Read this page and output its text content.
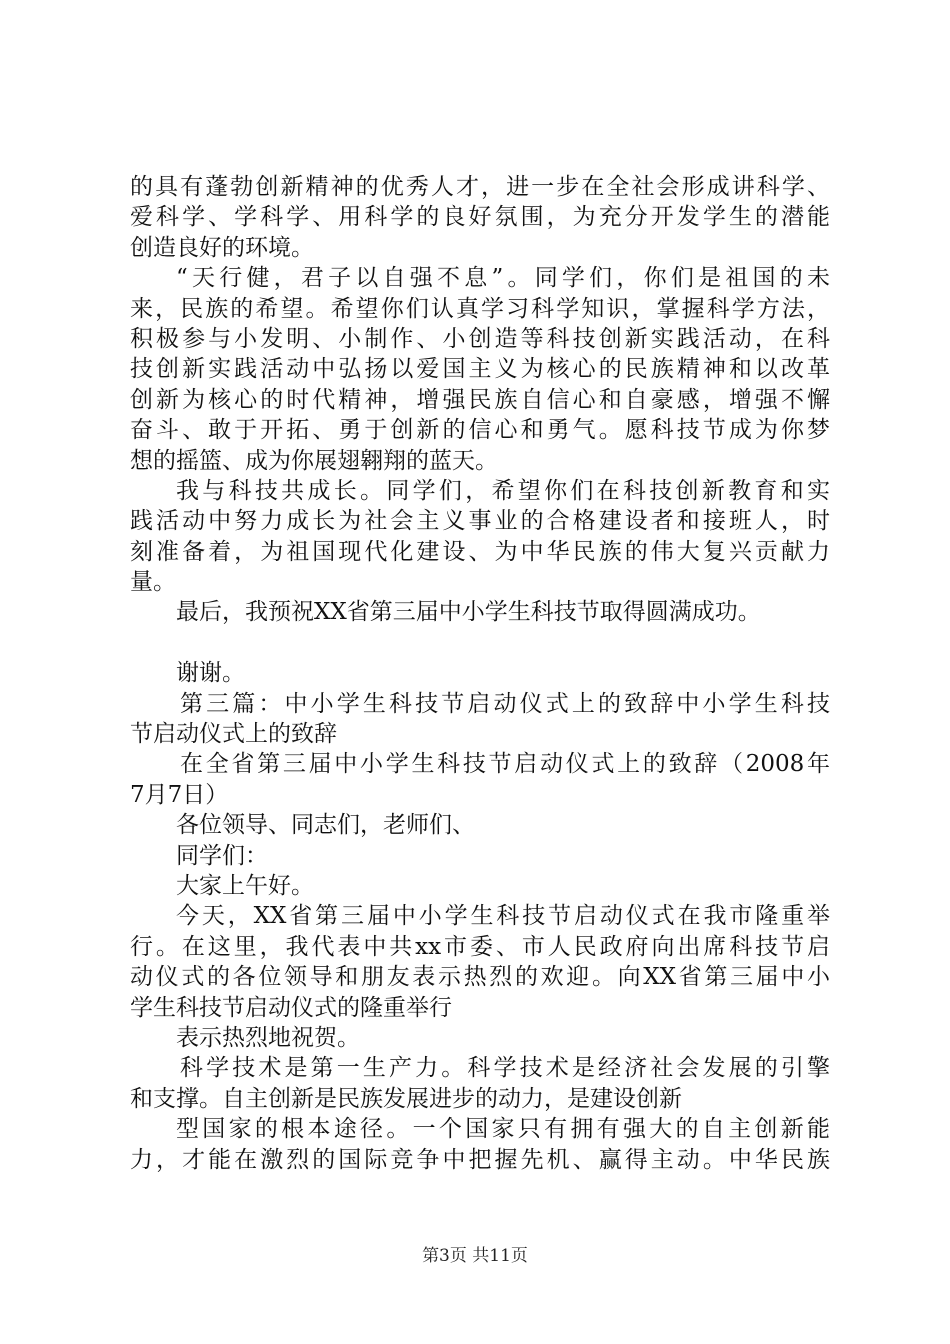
的具有蓬勃创新精神的优秀人才，进一步在全社会形成讲科学、
爱科学、学科学、用科学的良好氛围，为充分开发学生的潜能
创造良好的环境。
“天行健，君子以自强不息”。同学们，你们是祖国的未
来，民族的希望。希望你们认真学习科学知识，掌握科学方法，
积极参与小发明、小制作、小创造等科技创新实践活动，在科
技创新实践活动中弘扬以爱国主义为核心的民族精神和以改革
创新为核心的时代精神，增强民族自信心和自豪感，增强不懈
奋斗、敢于开拓、勇于创新的信心和勇气。愿科技节成为你梦
想的摇篮、成为你展翅翱翔的蓝天。
我与科技共成长。同学们，希望你们在科技创新教育和实
践活动中努力成长为社会主义事业的合格建设者和接班人，时
刻准备着，为祖国现代化建设、为中华民族的伟大复兴贡献力
量。
最后，我预祝XX省第三届中小学生科技节取得圆满成功。
谢谢。
第三篇：中小学生科技节启动仪式上的致辞中小学生科技
节启动仪式上的致辞
在全省第三届中小学生科技节启动仪式上的致辞（2008年
7月7日）
各位领导、同志们，老师们、
同学们：
大家上午好。
今天，XX省第三届中小学生科技节启动仪式在我市隆重举
行。在这里，我代表中共xx市委、市人民政府向出席科技节启
动仪式的各位领导和朋友表示热烈的欢迎。向XX省第三届中小
学生科技节启动仪式的隆重举行
表示热烈地祝贺。
科学技术是第一生产力。科学技术是经济社会发展的引擎
和支撑。自主创新是民族发展进步的动力，是建设创新
型国家的根本途径。一个国家只有拥有强大的自主创新能
力，才能在激烈的国际竞争中把握先机、赢得主动。中华民族
第3页 共11页
